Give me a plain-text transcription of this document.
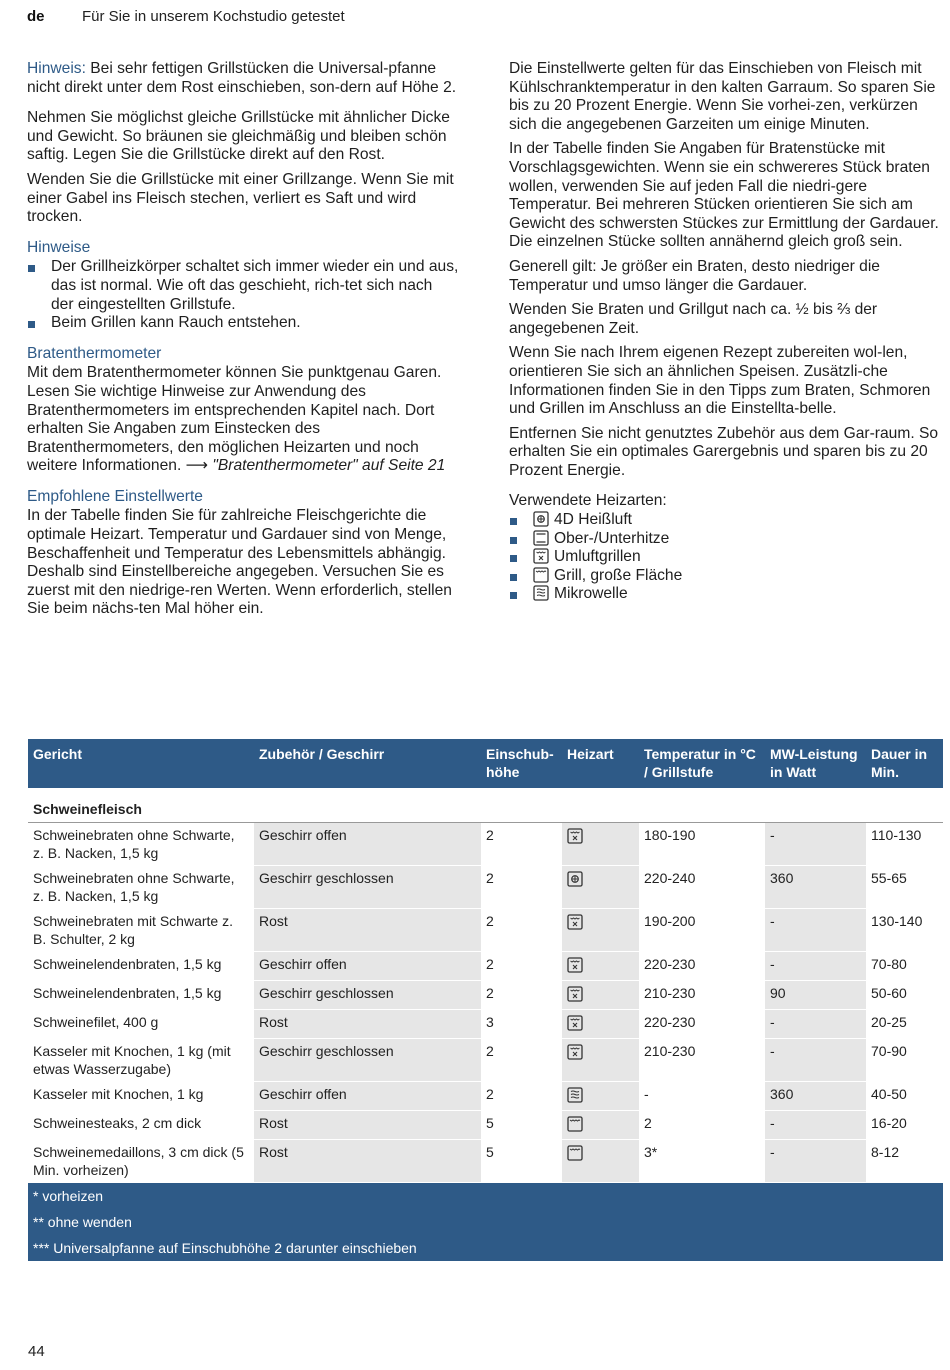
de Für Sie in unserem Kochstudio getestet

Hinweis: Bei sehr fettigen Grillstücken die Universal-pfanne nicht direkt unter dem Rost einschieben, son-dern auf Höhe 2.

Nehmen Sie möglichst gleiche Grillstücke mit ähnlicher Dicke und Gewicht. So bräunen sie gleichmäßig und bleiben schön saftig. Legen Sie die Grillstücke direkt auf den Rost.

Wenden Sie die Grillstücke mit einer Grillzange. Wenn Sie mit einer Gabel ins Fleisch stechen, verliert es Saft und wird trocken.

Hinweise
Der Grillheizkörper schaltet sich immer wieder ein und aus, das ist normal. Wie oft das geschieht, rich-tet sich nach der eingestellten Grillstufe.
Beim Grillen kann Rauch entstehen.
Bratenthermometer

Mit dem Bratenthermometer können Sie punktgenau Garen. Lesen Sie wichtige Hinweise zur Anwendung des Bratenthermometers im entsprechenden Kapitel nach. Dort erhalten Sie Angaben zum Einstecken des Bratenthermometers, den möglichen Heizarten und noch weitere Informationen. ⟶ "Bratenthermometer" auf Seite 21

Empfohlene Einstellwerte

In der Tabelle finden Sie für zahlreiche Fleischgerichte die optimale Heizart. Temperatur und Gardauer sind von Menge, Beschaffenheit und Temperatur des Lebensmittels abhängig. Deshalb sind Einstellbereiche angegeben. Versuchen Sie es zuerst mit den niedrige-ren Werten. Wenn erforderlich, stellen Sie beim nächs-ten Mal höher ein.

Die Einstellwerte gelten für das Einschieben von Fleisch mit Kühlschranktemperatur in den kalten Garraum. So sparen Sie bis zu 20 Prozent Energie. Wenn Sie vorhei-zen, verkürzen sich die angegebenen Garzeiten um einige Minuten.

In der Tabelle finden Sie Angaben für Bratenstücke mit Vorschlagsgewichten. Wenn sie ein schwereres Stück braten wollen, verwenden Sie auf jeden Fall die niedri-gere Temperatur. Bei mehreren Stücken orientieren Sie sich am Gewicht des schwersten Stückes zur Ermittlung der Gardauer. Die einzelnen Stücke sollten annähernd gleich groß sein.

Generell gilt: Je größer ein Braten, desto niedriger die Temperatur und umso länger die Gardauer.

Wenden Sie Braten und Grillgut nach ca. ½ bis ⅔ der angegebenen Zeit.

Wenn Sie nach Ihrem eigenen Rezept zubereiten wol-len, orientieren Sie sich an ähnlichen Speisen. Zusätzli-che Informationen finden Sie in den Tipps zum Braten, Schmoren und Grillen im Anschluss an die Einstellta-belle.

Entfernen Sie nicht genutztes Zubehör aus dem Gar-raum. So erhalten Sie ein optimales Garergebnis und sparen bis zu 20 Prozent Energie.

Verwendete Heizarten:
4D Heißluft
Ober-/Unterhitze
Umluftgrillen
Grill, große Fläche
Mikrowelle
Gericht	Zubehör / Geschirr	Einschub-höhe	Heizart	Temperatur in °C / Grillstufe	MW-Leistung in Watt	Dauer in Min.
Schweinefleisch						
Schweinebraten ohne Schwarte, z. B. Nacken, 1,5 kg	Geschirr offen	2		180-190	-	110-130
Schweinebraten ohne Schwarte, z. B. Nacken, 1,5 kg	Geschirr geschlossen	2		220-240	360	55-65
Schweinebraten mit Schwarte z. B. Schulter, 2 kg	Rost	2		190-200	-	130-140
Schweinelendenbraten, 1,5 kg	Geschirr offen	2		220-230	-	70-80
Schweinelendenbraten, 1,5 kg	Geschirr geschlossen	2		210-230	90	50-60
Schweinefilet, 400 g	Rost	3		220-230	-	20-25
Kasseler mit Knochen, 1 kg (mit etwas Wasserzugabe)	Geschirr geschlossen	2		210-230	-	70-90
Kasseler mit Knochen, 1 kg	Geschirr offen	2		-	360	40-50
Schweinesteaks, 2 cm dick	Rost	5		2	-	16-20
Schweinemedaillons, 3 cm dick (5 Min. vorheizen)	Rost	5		3*	-	8-12
* vorheizen						
** ohne wenden						
*** Universalpfanne auf Einschubhöhe 2 darunter einschieben						
44
